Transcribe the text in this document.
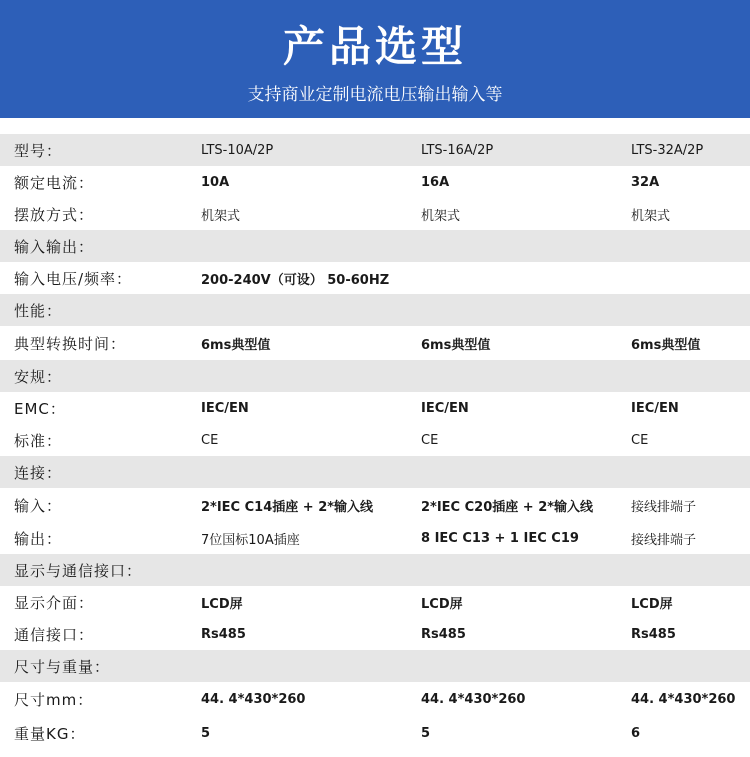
产品选型
支持商业定制电流电压输出输入等
型号：	LTS-10A/2P	LTS-16A/2P	LTS-32A/2P
额定电流：	10A	16A	32A
摆放方式：	机架式	机架式	机架式
输入输出：
输入电压/频率：	200-240V（可设） 50-60HZ
性能：
典型转换时间：	6ms典型值	6ms典型值	6ms典型值
安规：
EMC：	IEC/EN	IEC/EN	IEC/EN
标准：	CE	CE	CE
连接：
输入：	2*IEC C14插座 + 2*输入线	2*IEC C20插座 + 2*输入线	接线排端子
输出：	7位国标10A插座	8 IEC C13 + 1 IEC C19	接线排端子
显示与通信接口：
显示介面：	LCD屏	LCD屏	LCD屏
通信接口：	Rs485	Rs485	Rs485
尺寸与重量：
尺寸mm：	44. 4*430*260	44. 4*430*260	44. 4*430*260
重量KG：	5	5	6
